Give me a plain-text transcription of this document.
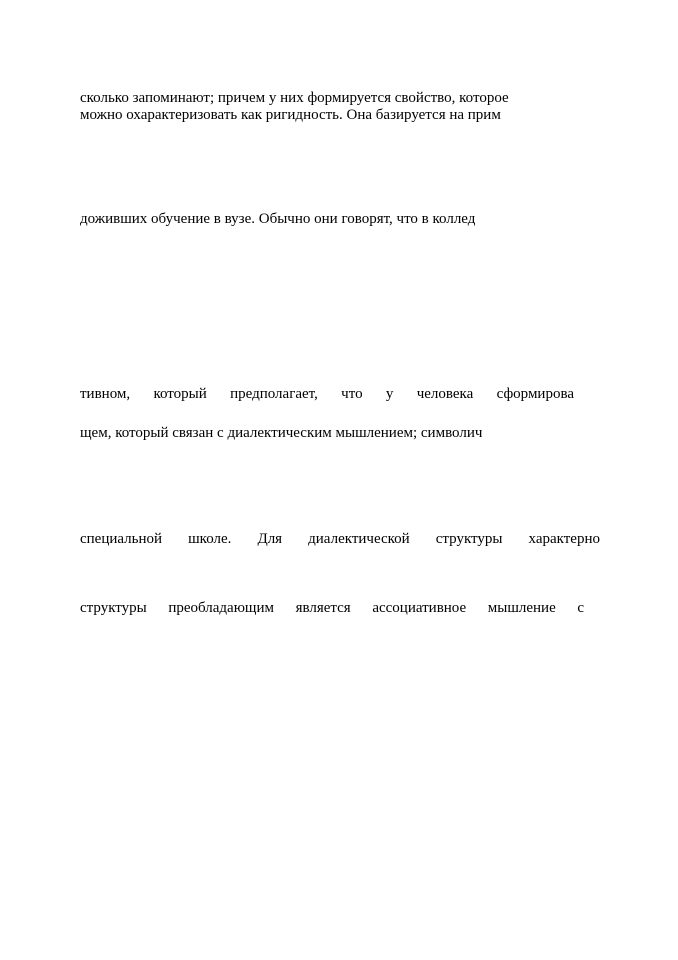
сколько запоминают; причем у них формируется свойство, которое

можно охарактеризовать как ригидность. Она базируется на прим

доживших обучение в вузе. Обычно они говорят, что в коллед

тивном, который предполагает, что у человека сформирова

щем, который связан с диалектическим мышлением; символич

специальной школе. Для диалектической структуры характерно

структуры преобладающим является ассоциативное мышление с
